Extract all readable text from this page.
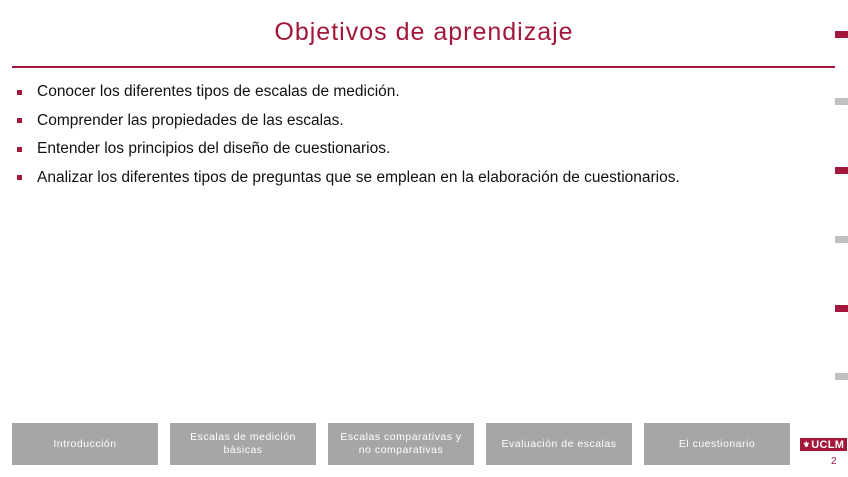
Objetivos de aprendizaje
Conocer los diferentes tipos de escalas de medición.
Comprender las propiedades de las escalas.
Entender los principios del diseño de cuestionarios.
Analizar los diferentes tipos de preguntas que se emplean en la elaboración de cuestionarios.
Introducción
Escalas de medición básicas
Escalas comparativas y no comparativas
Evaluación de escalas	El cuestionario	⚜ UCLM
2
